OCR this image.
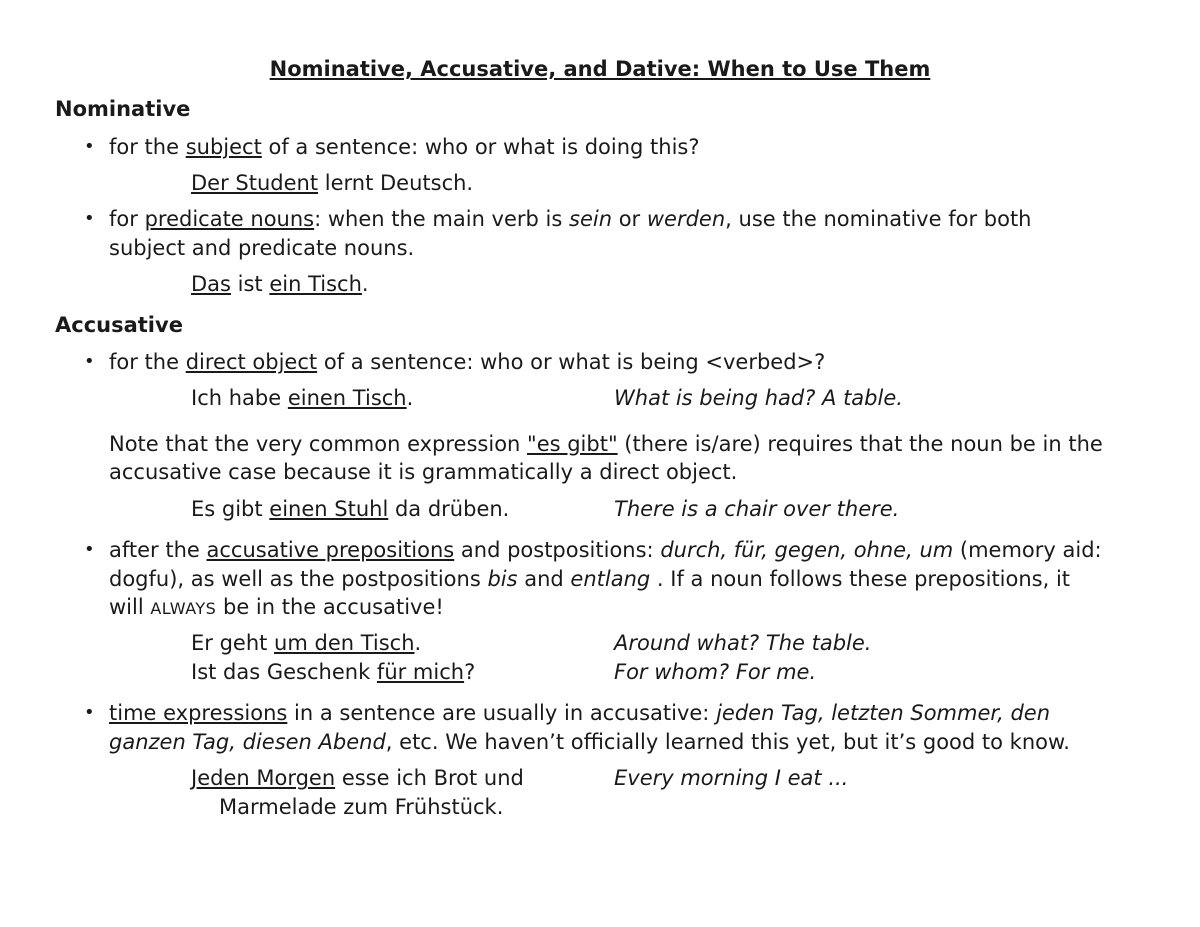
Nominative, Accusative, and Dative: When to Use Them
Nominative
• for the subject of a sentence: who or what is doing this?
Der Student lernt Deutsch.
• for predicate nouns: when the main verb is sein or werden, use the nominative for both
subject and predicate nouns.
Das ist ein Tisch.
Accusative
• for the direct object of a sentence: who or what is being <verbed>?
Ich habe einen Tisch.	What is being had? A table.
Note that the very common expression "es gibt" (there is/are) requires that the noun be in the
accusative case because it is grammatically a direct object.
Es gibt einen Stuhl da drüben.	There is a chair over there.
• after the accusative prepositions and postpositions: durch, für, gegen, ohne, um (memory aid:
dogfu), as well as the postpositions bis and entlang . If a noun follows these prepositions, it
will ALWAYS be in the accusative!
Er geht um den Tisch.	Around what? The table.
Ist das Geschenk für mich?	For whom? For me.
• time expressions in a sentence are usually in accusative: jeden Tag, letzten Sommer, den
ganzen Tag, diesen Abend, etc. We haven’t officially learned this yet, but it’s good to know.
Jeden Morgen esse ich Brot und	Every morning I eat ...
Marmelade zum Frühstück.
